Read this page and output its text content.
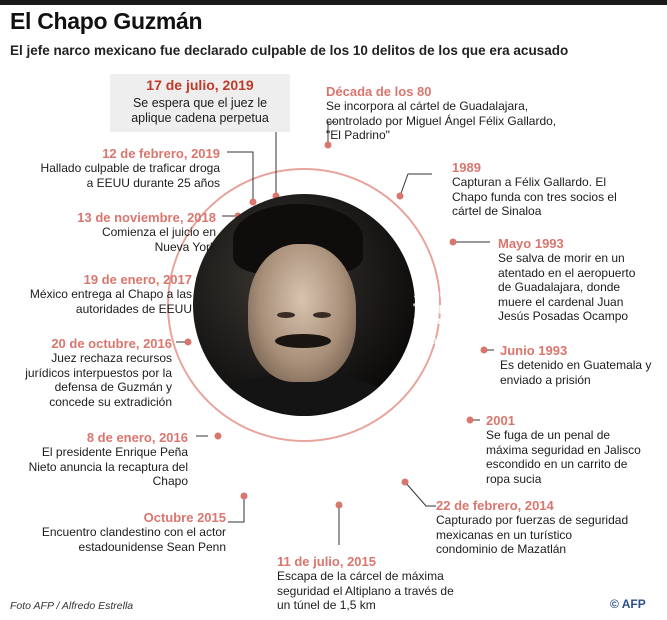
El Chapo Guzmán
El jefe narco mexicano fue declarado culpable de los 10 delitos de los que era acusado
Joaquín "Chapo" Guzmán
62 años
17 de julio, 2019
Se espera que el juez le aplique cadena perpetua
12 de febrero, 2019
Hallado culpable de traficar droga a EEUU durante 25 años
13 de noviembre, 2018
Comienza el juicio en Nueva York
19 de enero, 2017
México entrega al Chapo a las autoridades de EEUU
20 de octubre, 2016
Juez rechaza recursos jurídicos interpuestos por la defensa de Guzmán y concede su extradición
8 de enero, 2016
El presidente Enrique Peña Nieto anuncia la recaptura del Chapo
Octubre 2015
Encuentro clandestino con el actor estadounidense Sean Penn
11 de julio, 2015
Escapa de la cárcel de máxima seguridad el Altiplano a través de un túnel de 1,5 km
Década de los 80
Se incorpora al cártel de Guadalajara, controlado por Miguel Ángel Félix Gallardo, "El Padrino"
1989
Capturan a Félix Gallardo. El Chapo funda con tres socios el cártel de Sinaloa
Mayo 1993
Se salva de morir en un atentado en el aeropuerto de Guadalajara, donde muere el cardenal Juan Jesús Posadas Ocampo
Junio 1993
Es detenido en Guatemala y enviado a prisión
2001
Se fuga de un penal de máxima seguridad en Jalisco escondido en un carrito de ropa sucia
22 de febrero, 2014
Capturado por fuerzas de seguridad mexicanas en un turístico condominio de Mazatlán
Foto AFP / Alfredo Estrella	© AFP
